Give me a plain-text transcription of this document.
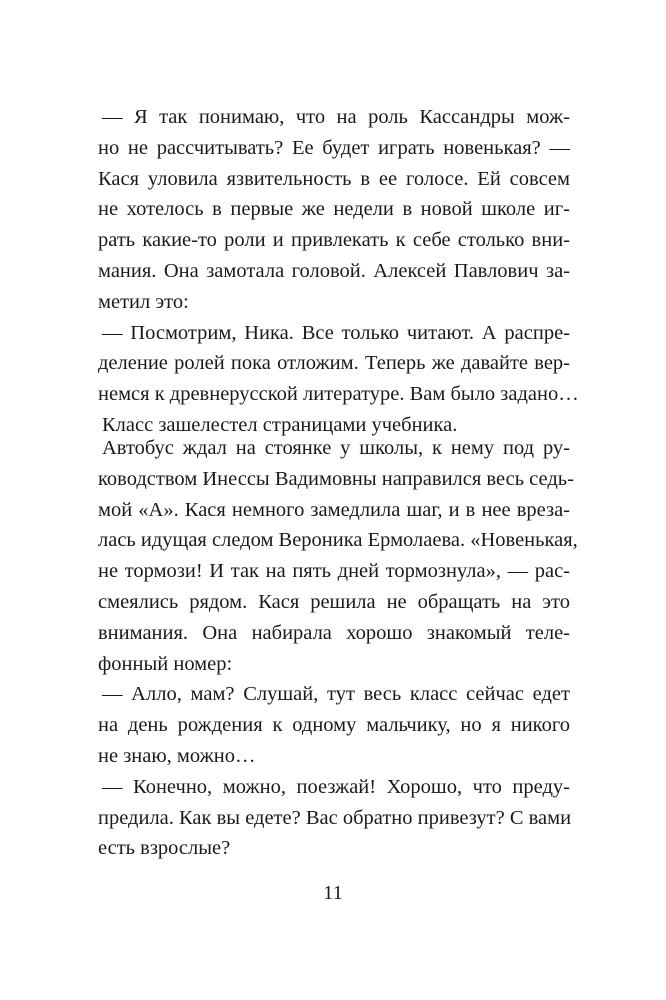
— Я так понимаю, что на роль Кассандры мож-
но не рассчитывать? Ее будет играть новенькая? —
Кася уловила язвительность в ее голосе. Ей совсем
не хотелось в первые же недели в новой школе иг-
рать какие-то роли и привлекать к себе столько вни-
мания. Она замотала головой. Алексей Павлович за-
метил это:
— Посмотрим, Ника. Все только читают. А распре-
деление ролей пока отложим. Теперь же давайте вер-
немся к древнерусской литературе. Вам было задано…
Класс зашелестел страницами учебника.
Автобус ждал на стоянке у школы, к нему под ру-
ководством Инессы Вадимовны направился весь седь-
мой «А». Кася немного замедлила шаг, и в нее вреза-
лась идущая следом Вероника Ермолаева. «Новенькая,
не тормози! И так на пять дней тормознула», — рас-
смеялись рядом. Кася решила не обращать на это
внимания. Она набирала хорошо знакомый теле-
фонный номер:
— Алло, мам? Слушай, тут весь класс сейчас едет
на день рождения к одному мальчику, но я никого
не знаю, можно…
— Конечно, можно, поезжай! Хорошо, что преду-
предила. Как вы едете? Вас обратно привезут? С вами
есть взрослые?
11
